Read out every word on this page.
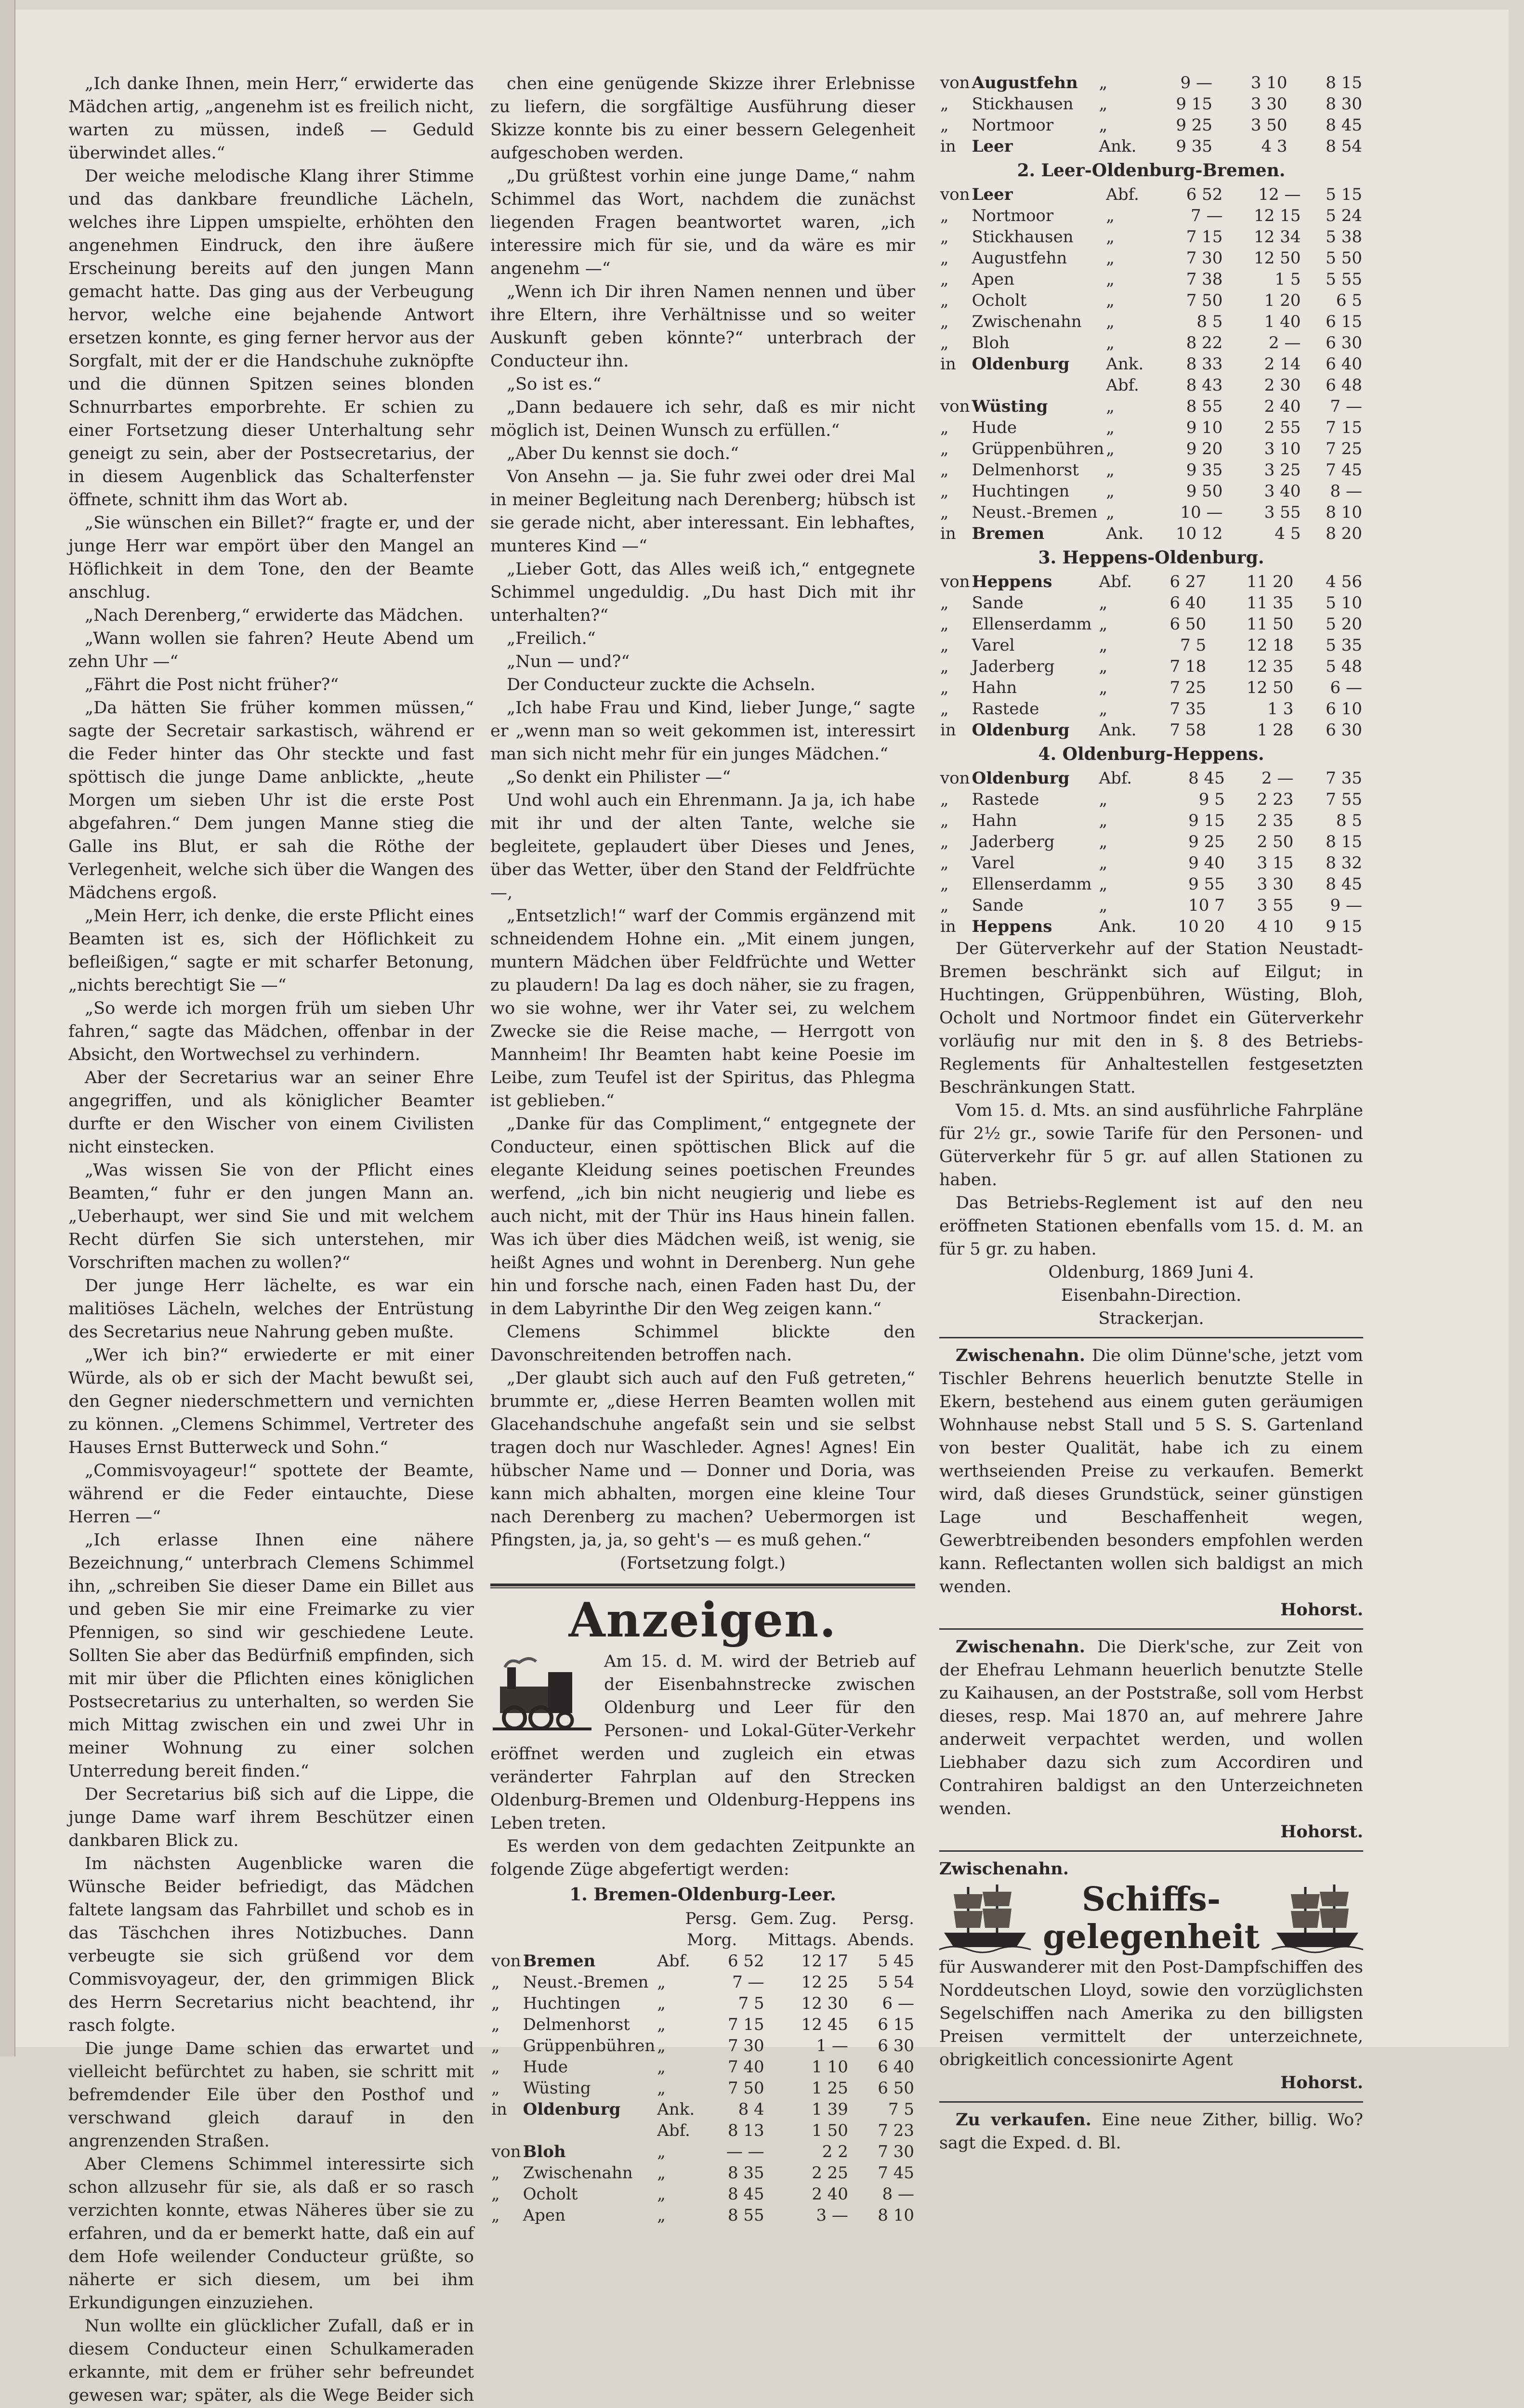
„Ich danke Ihnen, mein Herr,“ erwiderte das Mädchen artig, „angenehm ist es freilich nicht, warten zu müssen, indeß — Geduld überwindet alles.“

Der weiche melodische Klang ihrer Stimme und das dankbare freundliche Lächeln, welches ihre Lippen umspielte, erhöhten den angenehmen Eindruck, den ihre äußere Erscheinung bereits auf den jungen Mann gemacht hatte. Das ging aus der Verbeugung hervor, welche eine bejahende Antwort ersetzen konnte, es ging ferner hervor aus der Sorgfalt, mit der er die Handschuhe zuknöpfte und die dünnen Spitzen seines blonden Schnurrbartes emporbrehte. Er schien zu einer Fortsetzung dieser Unterhaltung sehr geneigt zu sein, aber der Postsecretarius, der in diesem Augenblick das Schalterfenster öffnete, schnitt ihm das Wort ab.

„Sie wünschen ein Billet?“ fragte er, und der junge Herr war empört über den Mangel an Höflichkeit in dem Tone, den der Beamte anschlug.

„Nach Derenberg,“ erwiderte das Mädchen.

„Wann wollen sie fahren? Heute Abend um zehn Uhr —“

„Fährt die Post nicht früher?“

„Da hätten Sie früher kommen müssen,“ sagte der Secretair sarkastisch, während er die Feder hinter das Ohr steckte und fast spöttisch die junge Dame anblickte, „heute Morgen um sieben Uhr ist die erste Post abgefahren.“ Dem jungen Manne stieg die Galle ins Blut, er sah die Röthe der Verlegenheit, welche sich über die Wangen des Mädchens ergoß.

„Mein Herr, ich denke, die erste Pflicht eines Beamten ist es, sich der Höflichkeit zu befleißigen,“ sagte er mit scharfer Betonung, „nichts berechtigt Sie —“

„So werde ich morgen früh um sieben Uhr fahren,“ sagte das Mädchen, offenbar in der Absicht, den Wortwechsel zu verhindern.

Aber der Secretarius war an seiner Ehre angegriffen, und als königlicher Beamter durfte er den Wischer von einem Civilisten nicht einstecken.

„Was wissen Sie von der Pflicht eines Beamten,“ fuhr er den jungen Mann an. „Ueberhaupt, wer sind Sie und mit welchem Recht dürfen Sie sich unterstehen, mir Vorschriften machen zu wollen?“

Der junge Herr lächelte, es war ein malitiöses Lächeln, welches der Entrüstung des Secretarius neue Nahrung geben mußte.

„Wer ich bin?“ erwiederte er mit einer Würde, als ob er sich der Macht bewußt sei, den Gegner niederschmettern und vernichten zu können. „Clemens Schimmel, Vertreter des Hauses Ernst Butterweck und Sohn.“

„Commisvoyageur!“ spottete der Beamte, während er die Feder eintauchte, Diese Herren —“

„Ich erlasse Ihnen eine nähere Bezeichnung,“ unterbrach Clemens Schimmel ihn, „schreiben Sie dieser Dame ein Billet aus und geben Sie mir eine Freimarke zu vier Pfennigen, so sind wir geschiedene Leute. Sollten Sie aber das Bedürfniß empfinden, sich mit mir über die Pflichten eines königlichen Postsecretarius zu unterhalten, so werden Sie mich Mittag zwischen ein und zwei Uhr in meiner Wohnung zu einer solchen Unterredung bereit finden.“

Der Secretarius biß sich auf die Lippe, die junge Dame warf ihrem Beschützer einen dankbaren Blick zu.

Im nächsten Augenblicke waren die Wünsche Beider befriedigt, das Mädchen faltete langsam das Fahrbillet und schob es in das Täschchen ihres Notizbuches. Dann verbeugte sie sich grüßend vor dem Commisvoyageur, der, den grimmigen Blick des Herrn Secretarius nicht beachtend, ihr rasch folgte.

Die junge Dame schien das erwartet und vielleicht befürchtet zu haben, sie schritt mit befremdender Eile über den Posthof und verschwand gleich darauf in den angrenzenden Straßen.

Aber Clemens Schimmel interessirte sich schon allzusehr für sie, als daß er so rasch verzichten konnte, etwas Näheres über sie zu erfahren, und da er bemerkt hatte, daß ein auf dem Hofe weilender Conducteur grüßte, so näherte er sich diesem, um bei ihm Erkundigungen einzuziehen.

Nun wollte ein glücklicher Zufall, daß er in diesem Conducteur einen Schulkameraden erkannte, mit dem er früher sehr befreundet gewesen war; später, als die Wege Beider sich

chen eine genügende Skizze ihrer Erlebnisse zu liefern, die sorgfältige Ausführung dieser Skizze konnte bis zu einer bessern Gelegenheit aufgeschoben werden.

„Du grüßtest vorhin eine junge Dame,“ nahm Schimmel das Wort, nachdem die zunächst liegenden Fragen beantwortet waren, „ich interessire mich für sie, und da wäre es mir angenehm —“

„Wenn ich Dir ihren Namen nennen und über ihre Eltern, ihre Verhältnisse und so weiter Auskunft geben könnte?“ unterbrach der Conducteur ihn.

„So ist es.“

„Dann bedauere ich sehr, daß es mir nicht möglich ist, Deinen Wunsch zu erfüllen.“

„Aber Du kennst sie doch.“

Von Ansehn — ja. Sie fuhr zwei oder drei Mal in meiner Begleitung nach Derenberg; hübsch ist sie gerade nicht, aber interessant. Ein lebhaftes, munteres Kind —“

„Lieber Gott, das Alles weiß ich,“ entgegnete Schimmel ungeduldig. „Du hast Dich mit ihr unterhalten?“

„Freilich.“

„Nun — und?“

Der Conducteur zuckte die Achseln.

„Ich habe Frau und Kind, lieber Junge,“ sagte er „wenn man so weit gekommen ist, interessirt man sich nicht mehr für ein junges Mädchen.“

„So denkt ein Philister —“

Und wohl auch ein Ehrenmann. Ja ja, ich habe mit ihr und der alten Tante, welche sie begleitete, geplaudert über Dieses und Jenes, über das Wetter, über den Stand der Feldfrüchte —,

„Entsetzlich!“ warf der Commis ergänzend mit schneidendem Hohne ein. „Mit einem jungen, muntern Mädchen über Feldfrüchte und Wetter zu plaudern! Da lag es doch näher, sie zu fragen, wo sie wohne, wer ihr Vater sei, zu welchem Zwecke sie die Reise mache, — Herrgott von Mannheim! Ihr Beamten habt keine Poesie im Leibe, zum Teufel ist der Spiritus, das Phlegma ist geblieben.“

„Danke für das Compliment,“ entgegnete der Conducteur, einen spöttischen Blick auf die elegante Kleidung seines poetischen Freundes werfend, „ich bin nicht neugierig und liebe es auch nicht, mit der Thür ins Haus hinein fallen. Was ich über dies Mädchen weiß, ist wenig, sie heißt Agnes und wohnt in Derenberg. Nun gehe hin und forsche nach, einen Faden hast Du, der in dem Labyrinthe Dir den Weg zeigen kann.“

Clemens Schimmel blickte den Davonschreitenden betroffen nach.

„Der glaubt sich auch auf den Fuß getreten,“ brummte er, „diese Herren Beamten wollen mit Glacehandschuhe angefaßt sein und sie selbst tragen doch nur Waschleder. Agnes! Agnes! Ein hübscher Name und — Donner und Doria, was kann mich abhalten, morgen eine kleine Tour nach Derenberg zu machen? Uebermorgen ist Pfingsten, ja, ja, so geht's — es muß gehen.“

(Fortsetzung folgt.)

Anzeigen.

Am 15. d. M. wird der Betrieb auf der Eisenbahnstrecke zwischen Oldenburg und Leer für den Personen- und Lokal-Güter-Verkehr eröffnet werden und zugleich ein etwas veränderter Fahrplan auf den Strecken Oldenburg-Bremen und Oldenburg-Heppens ins Leben treten.

Es werden von dem gedachten Zeitpunkte an folgende Züge abgefertigt werden:

1. Bremen-Oldenburg-Leer.
		Persg.	Gem. Zug.	Persg.
		Morg.	Mittags.	Abends.
von	Bremen	Abf.	6 52	12 17	5 45
„	Neust.-Bremen	„	7 —	12 25	5 54
„	Huchtingen	„	7 5	12 30	6 —
„	Delmenhorst	„	7 15	12 45	6 15
„	Grüppenbühren	„	7 30	1 —	6 30
„	Hude	„	7 40	1 10	6 40
„	Wüsting	„	7 50	1 25	6 50
in	Oldenburg	Ank.	8 4	1 39	7 5
		Abf.	8 13	1 50	7 23
von	Bloh	„	— —	2 2	7 30
„	Zwischenahn	„	8 35	2 25	7 45
„	Ocholt	„	8 45	2 40	8 —
„	Apen	„	8 55	3 —	8 10
von	Augustfehn	„	9 —	3 10	8 15
„	Stickhausen	„	9 15	3 30	8 30
„	Nortmoor	„	9 25	3 50	8 45
in	Leer	Ank.	9 35	4 3	8 54
2. Leer-Oldenburg-Bremen.
von	Leer	Abf.	6 52	12 —	5 15
„	Nortmoor	„	7 —	12 15	5 24
„	Stickhausen	„	7 15	12 34	5 38
„	Augustfehn	„	7 30	12 50	5 50
„	Apen	„	7 38	1 5	5 55
„	Ocholt	„	7 50	1 20	6 5
„	Zwischenahn	„	8 5	1 40	6 15
„	Bloh	„	8 22	2 —	6 30
in	Oldenburg	Ank.	8 33	2 14	6 40
		Abf.	8 43	2 30	6 48
von	Wüsting	„	8 55	2 40	7 —
„	Hude	„	9 10	2 55	7 15
„	Grüppenbühren	„	9 20	3 10	7 25
„	Delmenhorst	„	9 35	3 25	7 45
„	Huchtingen	„	9 50	3 40	8 —
„	Neust.-Bremen	„	10 —	3 55	8 10
in	Bremen	Ank.	10 12	4 5	8 20
3. Heppens-Oldenburg.
von	Heppens	Abf.	6 27	11 20	4 56
„	Sande	„	6 40	11 35	5 10
„	Ellenserdamm	„	6 50	11 50	5 20
„	Varel	„	7 5	12 18	5 35
„	Jaderberg	„	7 18	12 35	5 48
„	Hahn	„	7 25	12 50	6 —
„	Rastede	„	7 35	1 3	6 10
in	Oldenburg	Ank.	7 58	1 28	6 30
4. Oldenburg-Heppens.
von	Oldenburg	Abf.	8 45	2 —	7 35
„	Rastede	„	9 5	2 23	7 55
„	Hahn	„	9 15	2 35	8 5
„	Jaderberg	„	9 25	2 50	8 15
„	Varel	„	9 40	3 15	8 32
„	Ellenserdamm	„	9 55	3 30	8 45
„	Sande	„	10 7	3 55	9 —
in	Heppens	Ank.	10 20	4 10	9 15

Der Güterverkehr auf der Station Neustadt-Bremen beschränkt sich auf Eilgut; in Huchtingen, Grüppenbühren, Wüsting, Bloh, Ocholt und Nortmoor findet ein Güterverkehr vorläufig nur mit den in §. 8 des Betriebs-Reglements für Anhaltestellen festgesetzten Beschränkungen Statt.

Vom 15. d. Mts. an sind ausführliche Fahrpläne für 2½ gr., sowie Tarife für den Personen- und Güterverkehr für 5 gr. auf allen Stationen zu haben.

Das Betriebs-Reglement ist auf den neu eröffneten Stationen ebenfalls vom 15. d. M. an für 5 gr. zu haben.

Oldenburg, 1869 Juni 4.

Eisenbahn-Direction.

Strackerjan.

Zwischenahn. Die olim Dünne'sche, jetzt vom Tischler Behrens heuerlich benutzte Stelle in Ekern, bestehend aus einem guten geräumigen Wohnhause nebst Stall und 5 S. S. Gartenland von bester Qualität, habe ich zu einem werthseienden Preise zu verkaufen. Bemerkt wird, daß dieses Grundstück, seiner günstigen Lage und Beschaffenheit wegen, Gewerbtreibenden besonders empfohlen werden kann. Reflectanten wollen sich baldigst an mich wenden.

Hohorst.

Zwischenahn. Die Dierk'sche, zur Zeit von der Ehefrau Lehmann heuerlich benutzte Stelle zu Kaihausen, an der Poststraße, soll vom Herbst dieses, resp. Mai 1870 an, auf mehrere Jahre anderweit verpachtet werden, und wollen Liebhaber dazu sich zum Accordiren und Contrahiren baldigst an den Unterzeichneten wenden.

Hohorst.

Zwischenahn.

Schiffs-
gelegenheit

für Auswanderer mit den Post-Dampfschiffen des Norddeutschen Lloyd, sowie den vorzüglichsten Segelschiffen nach Amerika zu den billigsten Preisen vermittelt der unterzeichnete, obrigkeitlich concessionirte Agent

Hohorst.

Zu verkaufen. Eine neue Zither, billig. Wo? sagt die Exped. d. Bl.
